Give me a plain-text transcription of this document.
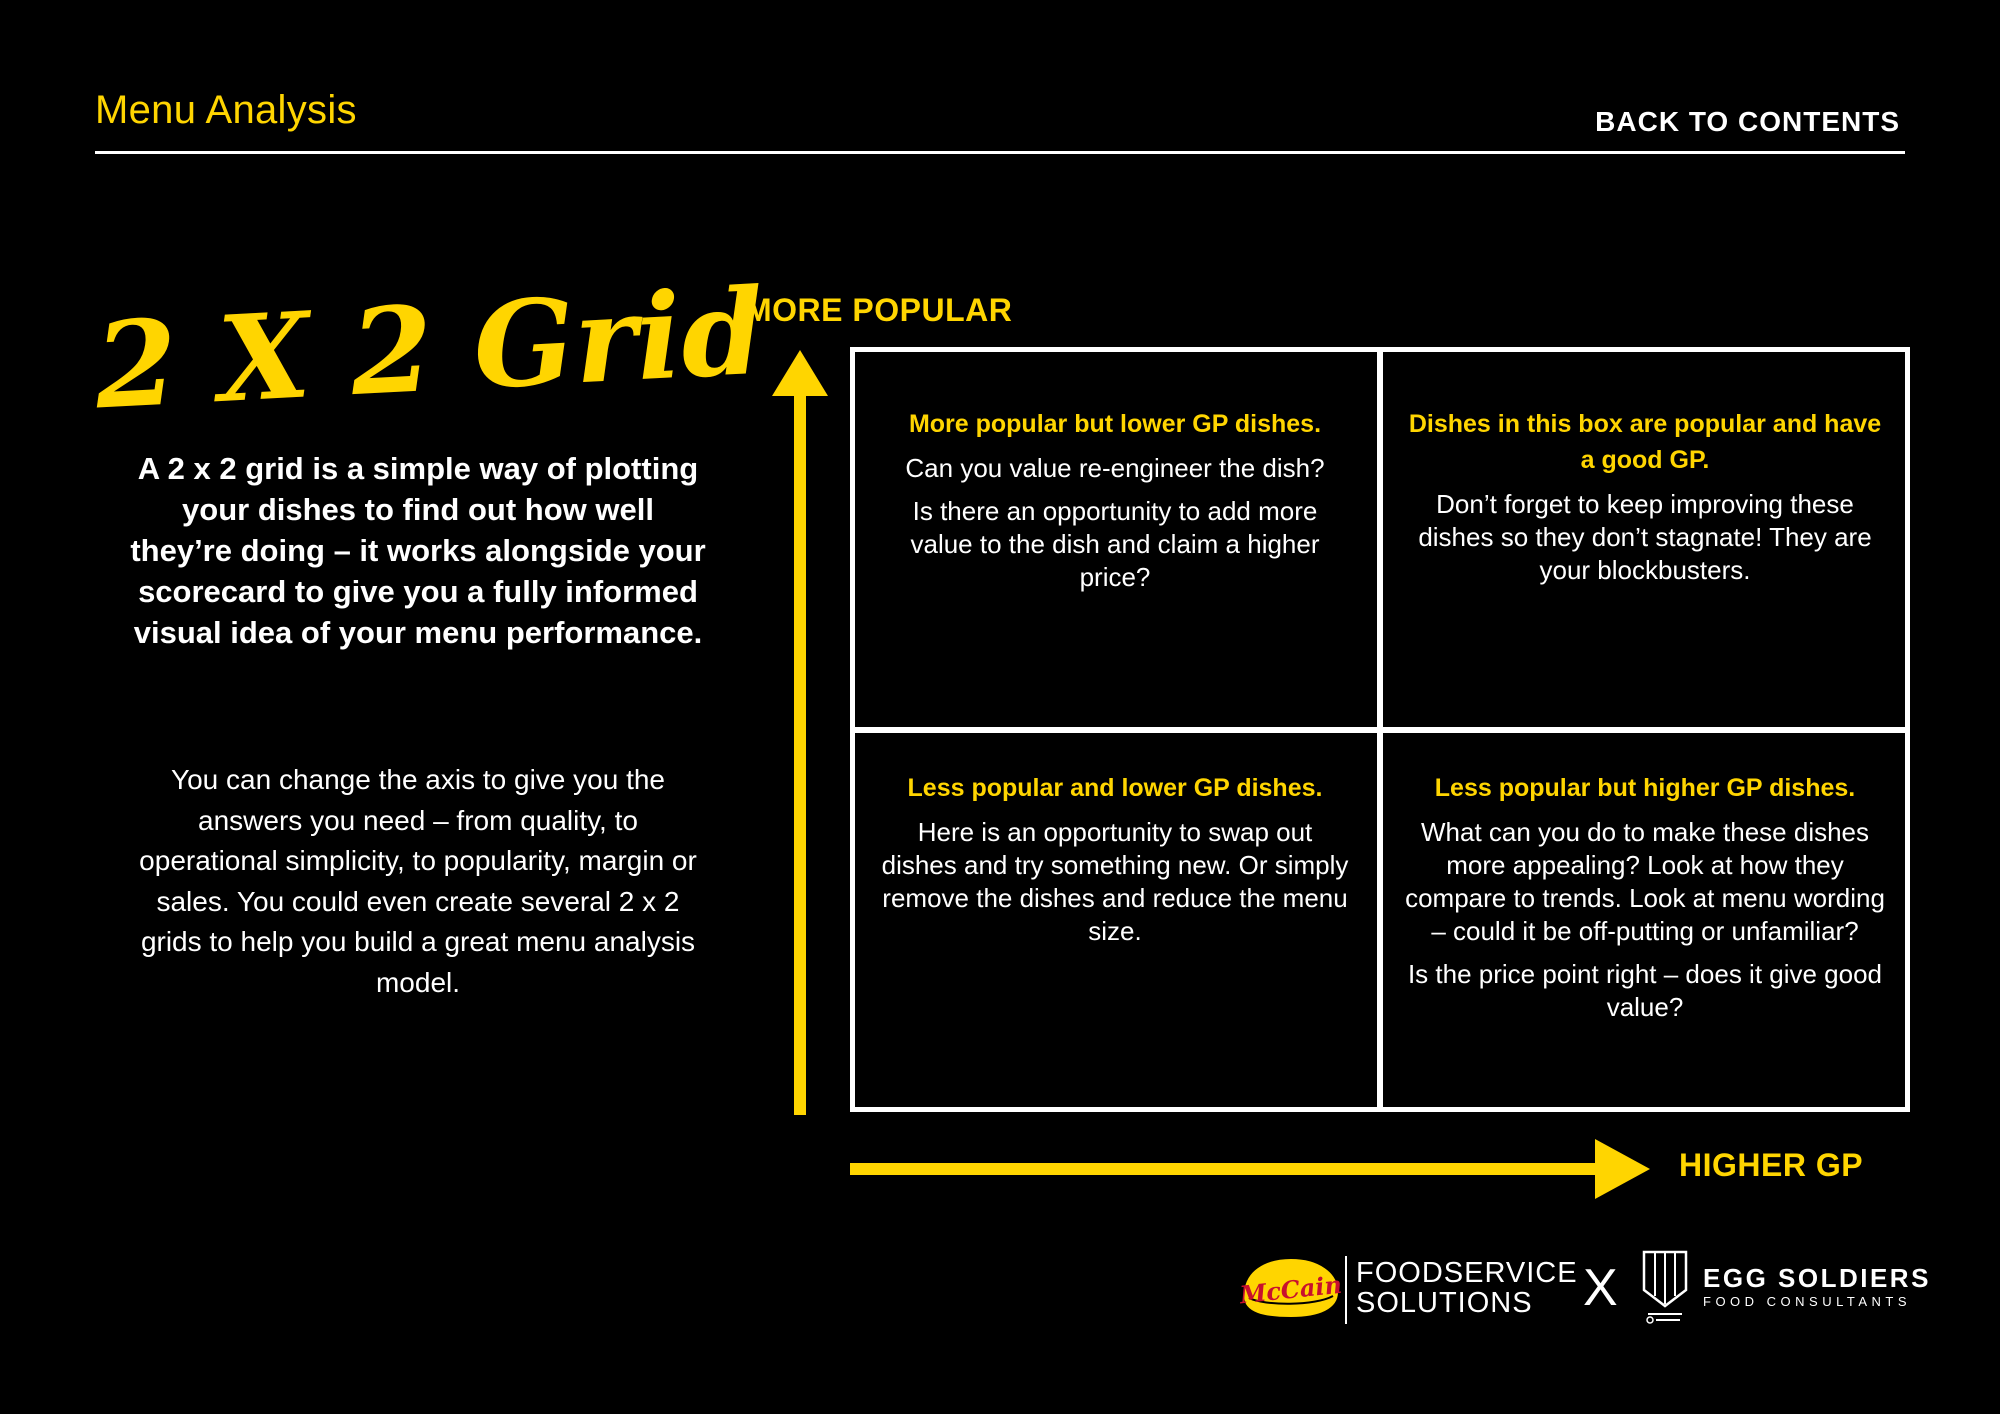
Menu Analysis	BACK TO CONTENTS
2 X 2 Grid
A 2 x 2 grid is a simple way of plotting your dishes to find out how well they’re doing – it works alongside your scorecard to give you a fully informed visual idea of your menu performance.
You can change the axis to give you the answers you need – from quality, to operational simplicity, to popularity, margin or sales. You could even create several 2 x 2 grids to help you build a great menu analysis model.
MORE POPULAR
HIGHER GP
More popular but lower GP dishes.

Can you value re-engineer the dish?

Is there an opportunity to add more value to the dish and claim a higher price?

Dishes in this box are popular and have a good GP.

Don’t forget to keep improving these dishes so they don’t stagnate! They are your blockbusters.

Less popular and lower GP dishes.

Here is an opportunity to swap out dishes and try something new. Or simply remove the dishes and reduce the menu size.

Less popular but higher GP dishes.

What can you do to make these dishes more appealing? Look at how they compare to trends. Look at menu wording – could it be off-putting or unfamiliar?

Is the price point right – does it give good value?

McCain FOODSERVICE
SOLUTIONS X	EGG SOLDIERS
FOOD CONSULTANTS
